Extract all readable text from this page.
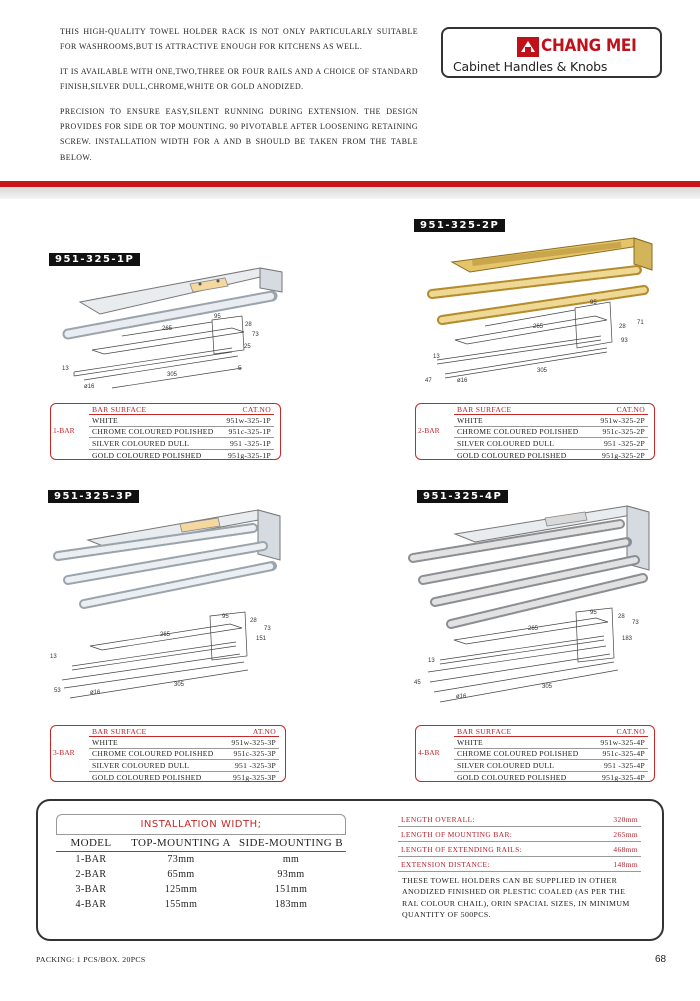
THIS HIGH-QUALITY TOWEL HOLDER RACK IS NOT ONLY PARTICULARLY SUITABLE FOR WASHROOMS,BUT IS ATTRACTIVE ENOUGH FOR KITCHENS AS WELL.

IT IS AVAILABLE WITH ONE,TWO,THREE OR FOUR RAILS AND A CHOICE OF STANDARD FINISH,SILVER DULL,CHROME,WHITE OR GOLD ANODIZED.

PRECISION TO ENSURE EASY,SILENT RUNNING DURING EXTENSION. THE DESIGN PROVIDES FOR SIDE OR TOP MOUNTING. 90 PIVOTABLE AFTER LOOSENING RETAINING SCREW. INSTALLATION WIDTH FOR A AND B SHOULD BE TAKEN FROM THE TABLE BELOW.

CHANG MEI
Cabinet Handles & Knobs
951-325-1P
951-325-2P
951-325-3P	951-325-4P
95
265
73
28
25
13
305
ø16
5
95
265
71
28
93
13
305
ø16
47
95
265
73
28
151
13
305
ø16
53
95
265
73
28
183
13
305
ø16
45
1-BAR
BAR SURFACE	CAT.NO
WHITE	951w-325-1P
CHROME COLOURED POLISHED 951c-325-1P
SILVER COLOURED DULL	951 -325-1P
GOLD COLOURED POLISHED	951g-325-1P
2-BAR
BAR SURFACE	CAT.NO
WHITE	951w-325-2P
CHROME COLOURED POLISHED	951c-325-2P
SILVER COLOURED DULL	951 -325-2P
GOLD COLOURED POLISHED	951g-325-2P
3-BAR
BAR SURFACE	AT.NO
WHITE	951w-325-3P
CHROME COLOURED POLISHED	951c-325-3P
SILVER COLOURED DULL	951 -325-3P
GOLD COLOURED POLISHED	951g-325-3P
4-BAR
BAR SURFACE	CAT.NO
WHITE	951w-325-4P
CHROME COLOURED POLISHED	951c-325-4P
SILVER COLOURED DULL	951 -325-4P
GOLD COLOURED POLISHED	951g-325-4P
INSTALLATION WIDTH;
MODEL	TOP-MOUNTING A	SIDE-MOUNTING B
1-BAR	73mm	mm
2-BAR	65mm	93mm
3-BAR	125mm	151mm
4-BAR	155mm	183mm
LENGTH OVERALL:	320mm
LENGTH OF MOUNTING BAR:	265mm
LENGTH OF EXTENDING RAILS:	468mm
EXTENSION DISTANCE:	148mm
THESE TOWEL HOLDERS CAN BE SUPPLIED IN OTHER ANODIZED FINISHED OR PLESTIC COALED (AS PER THE RAL COLOUR CHAIL), ORIN SPACIAL SIZES, IN MINIMUM QUANTITY OF 500PCS.
PACKING: 1 PCS/BOX. 20PCS	68
